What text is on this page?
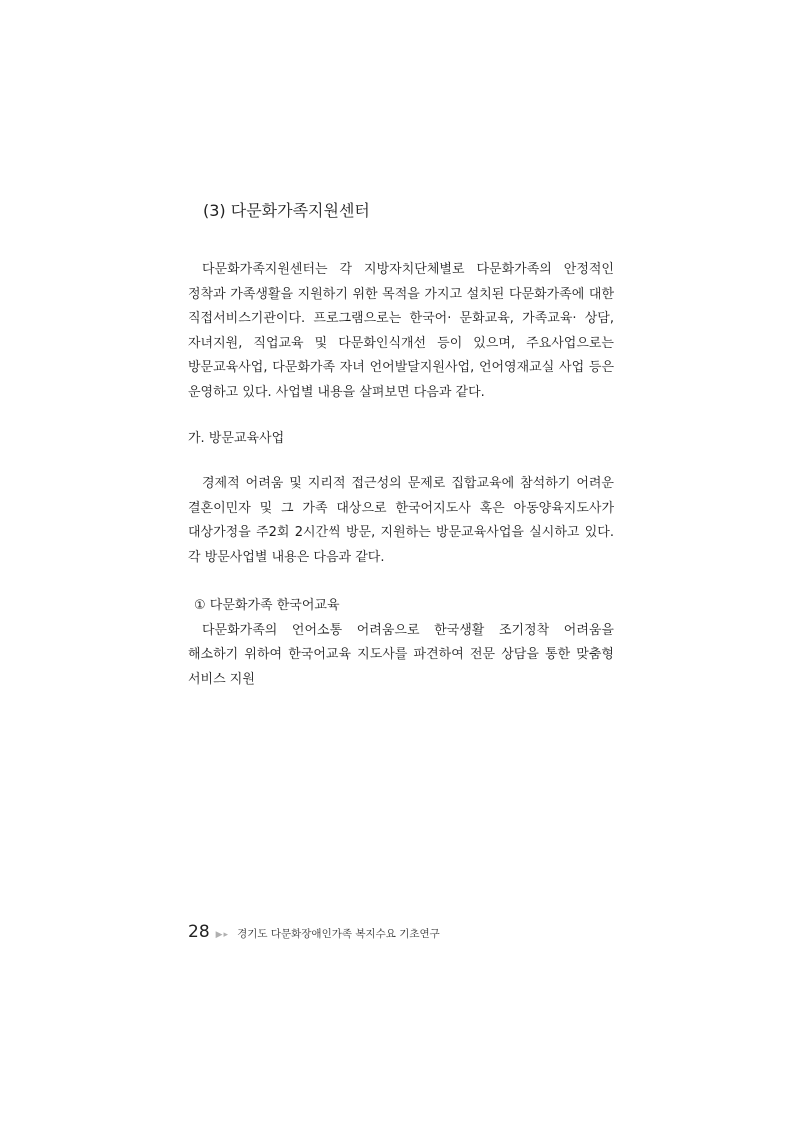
(3) 다문화가족지원센터
다문화가족지원센터는 각 지방자치단체별로 다문화가족의 안정적인 정착과 가족생활을 지원하기 위한 목적을 가지고 설치된 다문화가족에 대한 직접서비스기관이다. 프로그램으로는 한국어· 문화교육, 가족교육· 상담, 자녀지원, 직업교육 및 다문화인식개선 등이 있으며, 주요사업으로는 방문교육사업, 다문화가족 자녀 언어발달지원사업, 언어영재교실 사업 등은 운영하고 있다. 사업별 내용을 살펴보면 다음과 같다.
가. 방문교육사업
경제적 어려움 및 지리적 접근성의 문제로 집합교육에 참석하기 어려운 결혼이민자 및 그 가족 대상으로 한국어지도사 혹은 아동양육지도사가 대상가정을 주2회 2시간씩 방문, 지원하는 방문교육사업을 실시하고 있다. 각 방문사업별 내용은 다음과 같다.
① 다문화가족 한국어교육
다문화가족의 언어소통 어려움으로 한국생활 조기정착 어려움을 해소하기 위하여 한국어교육 지도사를 파견하여 전문 상담을 통한 맞춤형 서비스 지원
28 ▶▸ 경기도 다문화장애인가족 복지수요 기초연구
